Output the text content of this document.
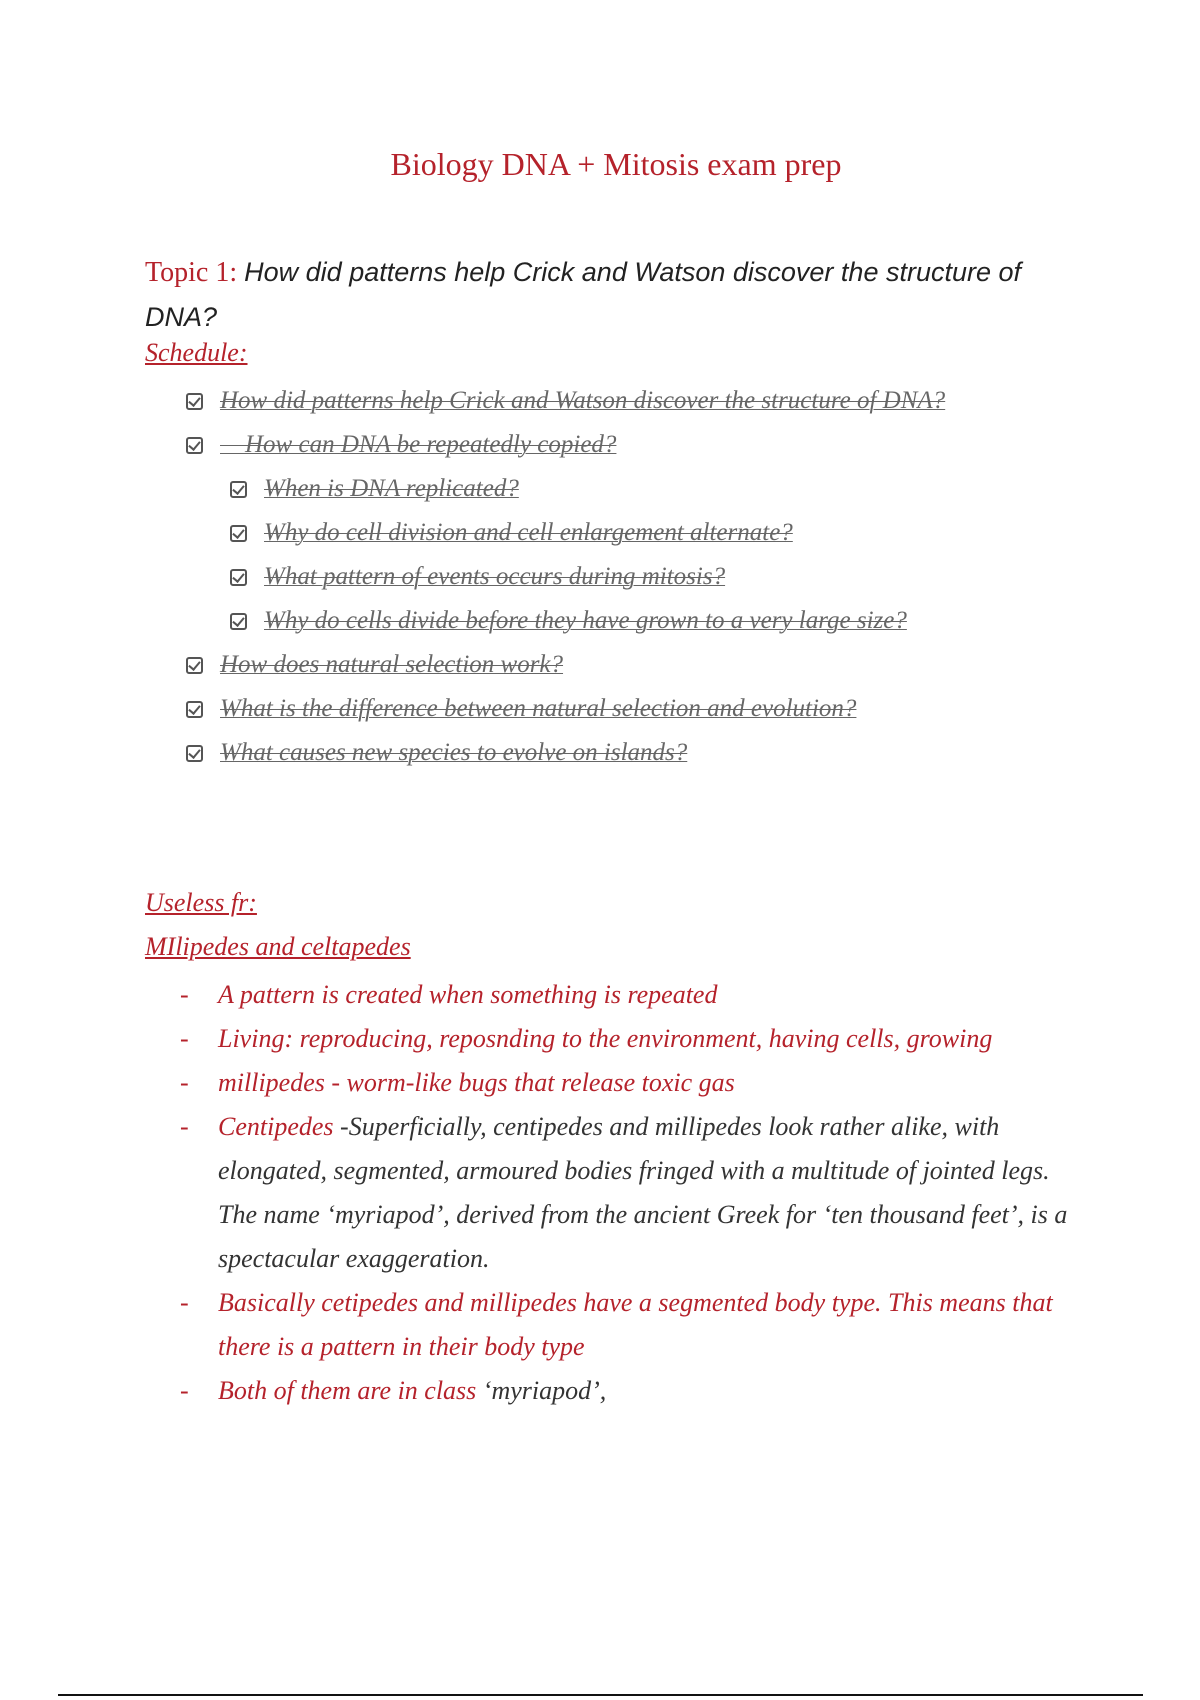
Biology DNA + Mitosis exam prep
Topic 1: How did patterns help Crick and Watson discover the structure of DNA?
Schedule:
How did patterns help Crick and Watson discover the structure of DNA?
How can DNA be repeatedly copied?
When is DNA replicated?
Why do cell division and cell enlargement alternate?
What pattern of events occurs during mitosis?
Why do cells divide before they have grown to a very large size?
How does natural selection work?
What is the difference between natural selection and evolution?
What causes new species to evolve on islands?
Useless fr:
MIlipedes and celtapedes
-	A pattern is created when something is repeated
-	Living: reproducing, reposnding to the environment, having cells, growing
-	millipedes - worm-like bugs that release toxic gas
-	Centipedes -Superficially, centipedes and millipedes look rather alike, with elongated, segmented, armoured bodies fringed with a multitude of jointed legs. The name ‘myriapod’, derived from the ancient Greek for ‘ten thousand feet’, is a spectacular exaggeration.
-	Basically cetipedes and millipedes have a segmented body type. This means that there is a pattern in their body type
-	Both of them are in class ‘myriapod’,
